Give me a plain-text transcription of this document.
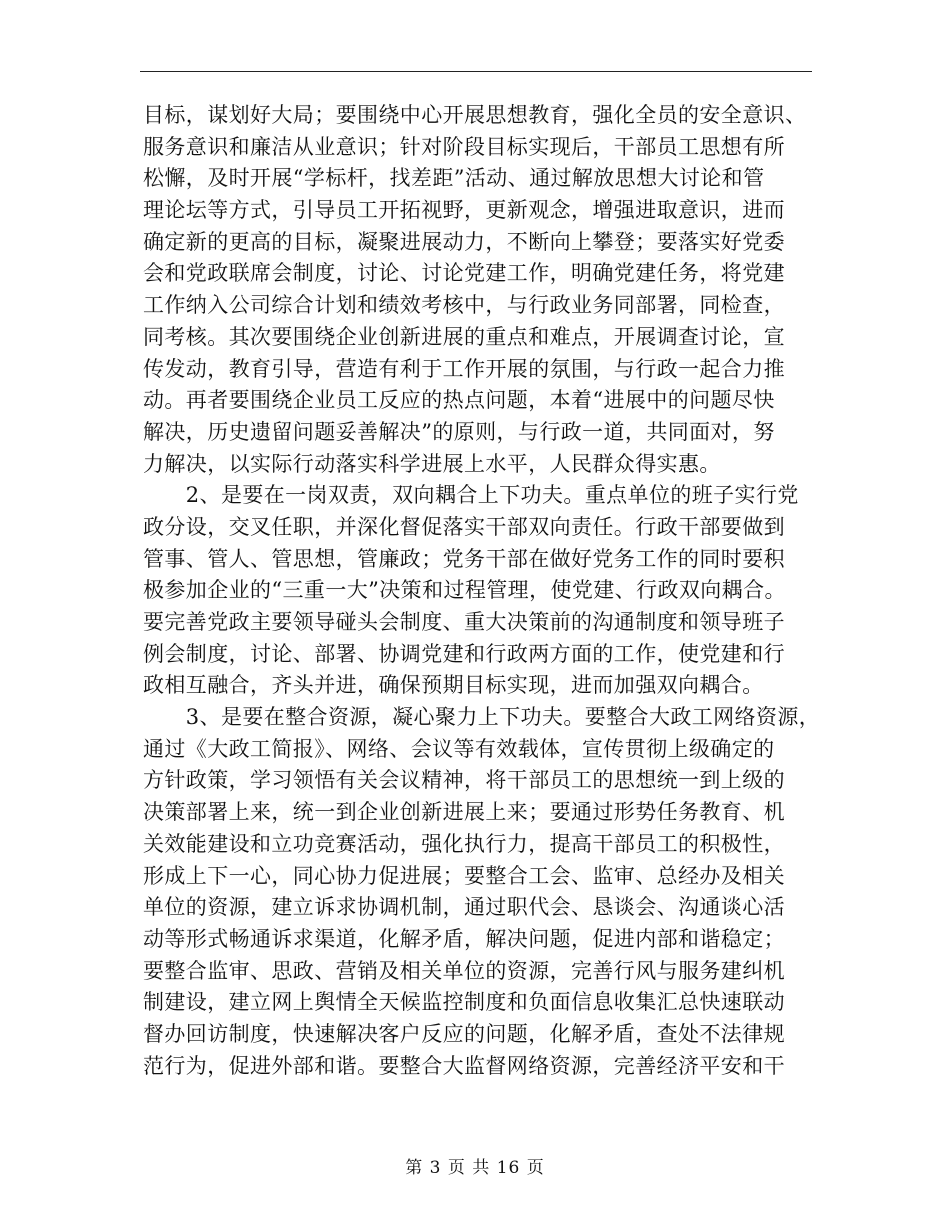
目标，谋划好大局；要围绕中心开展思想教育，强化全员的安全意识、
服务意识和廉洁从业意识；针对阶段目标实现后，干部员工思想有所
松懈，及时开展“学标杆，找差距”活动、通过解放思想大讨论和管
理论坛等方式，引导员工开拓视野，更新观念，增强进取意识，进而
确定新的更高的目标，凝聚进展动力，不断向上攀登；要落实好党委
会和党政联席会制度，讨论、讨论党建工作，明确党建任务，将党建
工作纳入公司综合计划和绩效考核中，与行政业务同部署，同检查，
同考核。其次要围绕企业创新进展的重点和难点，开展调查讨论，宣
传发动，教育引导，营造有利于工作开展的氛围，与行政一起合力推
动。再者要围绕企业员工反应的热点问题，本着“进展中的问题尽快
解决，历史遗留问题妥善解决”的原则，与行政一道，共同面对，努
力解决，以实际行动落实科学进展上水平，人民群众得实惠。
　　2、是要在一岗双责，双向耦合上下功夫。重点单位的班子实行党
政分设，交叉任职，并深化督促落实干部双向责任。行政干部要做到
管事、管人、管思想，管廉政；党务干部在做好党务工作的同时要积
极参加企业的“三重一大”决策和过程管理，使党建、行政双向耦合。
要完善党政主要领导碰头会制度、重大决策前的沟通制度和领导班子
例会制度，讨论、部署、协调党建和行政两方面的工作，使党建和行
政相互融合，齐头并进，确保预期目标实现，进而加强双向耦合。
　　3、是要在整合资源，凝心聚力上下功夫。要整合大政工网络资源，
通过《大政工简报》、网络、会议等有效载体，宣传贯彻上级确定的
方针政策，学习领悟有关会议精神，将干部员工的思想统一到上级的
决策部署上来，统一到企业创新进展上来；要通过形势任务教育、机
关效能建设和立功竞赛活动，强化执行力，提高干部员工的积极性，
形成上下一心，同心协力促进展；要整合工会、监审、总经办及相关
单位的资源，建立诉求协调机制，通过职代会、恳谈会、沟通谈心活
动等形式畅通诉求渠道，化解矛盾，解决问题，促进内部和谐稳定；
要整合监审、思政、营销及相关单位的资源，完善行风与服务建纠机
制建设，建立网上舆情全天候监控制度和负面信息收集汇总快速联动
督办回访制度，快速解决客户反应的问题，化解矛盾，查处不法律规
范行为，促进外部和谐。要整合大监督网络资源，完善经济平安和干
第 3 页 共 16 页
